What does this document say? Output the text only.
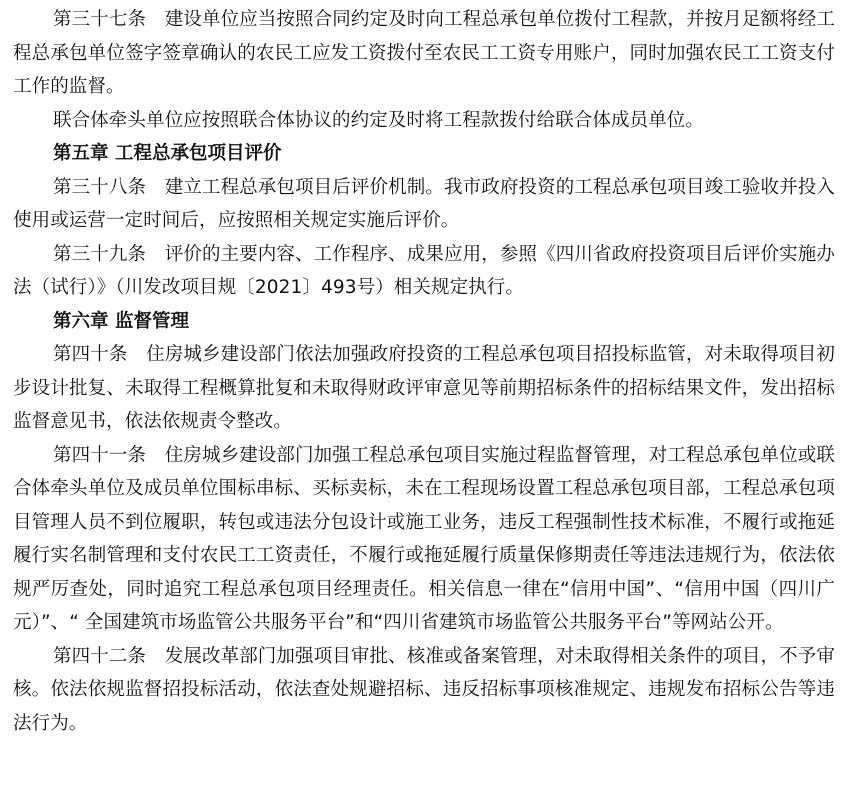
第三十七条　建设单位应当按照合同约定及时向工程总承包单位拨付工程款，并按月足额将经工程总承包单位签字签章确认的农民工应发工资拨付至农民工工资专用账户，同时加强农民工工资支付工作的监督。

联合体牵头单位应按照联合体协议的约定及时将工程款拨付给联合体成员单位。

第五章 工程总承包项目评价

第三十八条　建立工程总承包项目后评价机制。我市政府投资的工程总承包项目竣工验收并投入使用或运营一定时间后，应按照相关规定实施后评价。

第三十九条　评价的主要内容、工作程序、成果应用，参照《四川省政府投资项目后评价实施办法（试行）》（川发改项目规〔2021〕493号）相关规定执行。

第六章 监督管理

第四十条　住房城乡建设部门依法加强政府投资的工程总承包项目招投标监管，对未取得项目初步设计批复、未取得工程概算批复和未取得财政评审意见等前期招标条件的招标结果文件，发出招标监督意见书，依法依规责令整改。

第四十一条　住房城乡建设部门加强工程总承包项目实施过程监督管理，对工程总承包单位或联合体牵头单位及成员单位围标串标、买标卖标，未在工程现场设置工程总承包项目部，工程总承包项目管理人员不到位履职，转包或违法分包设计或施工业务，违反工程强制性技术标准，不履行或拖延履行实名制管理和支付农民工工资责任，不履行或拖延履行质量保修期责任等违法违规行为，依法依规严厉查处，同时追究工程总承包项目经理责任。相关信息一律在“信用中国”、“信用中国（四川广元）”、“ 全国建筑市场监管公共服务平台”和“四川省建筑市场监管公共服务平台”等网站公开。

第四十二条　发展改革部门加强项目审批、核准或备案管理，对未取得相关条件的项目，不予审核。依法依规监督招投标活动，依法查处规避招标、违反招标事项核准规定、违规发布招标公告等违法行为。
